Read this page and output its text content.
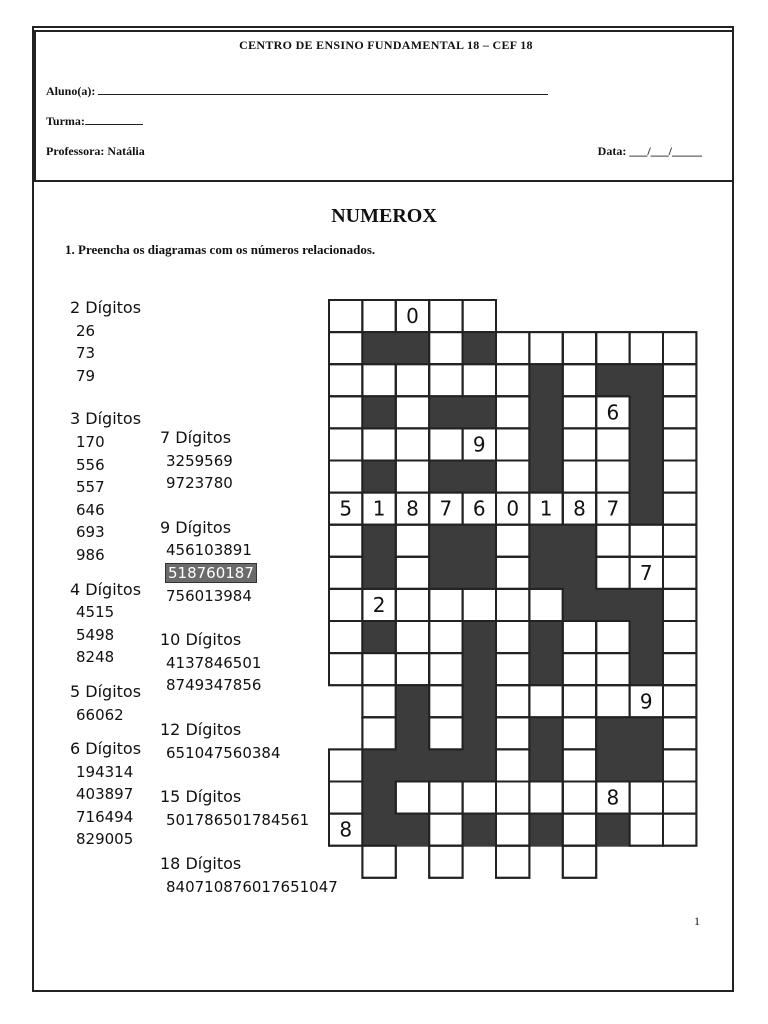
CENTRO DE ENSINO FUNDAMENTAL 18 – CEF 18
Aluno(a):
Turma:
Professora: Natália	Data: ___/___/_____
NUMEROX
1. Preencha os diagramas com os números relacionados.
2 Dígitos
26
73
79
3 Dígitos
170
556
557
646
693
986
4 Dígitos
4515
5498
8248
5 Dígitos
66062
6 Dígitos
194314
403897
716494
829005
7 Dígitos
3259569
9723780
9 Dígitos
456103891
518760187
756013984
10 Dígitos
4137846501
8749347856
12 Dígitos
651047560384
15 Dígitos
501786501784561
18 Dígitos
840710876017651047
0
6
9
5 1 8 7 6 0 1 8 7
7
2
9
8
8
1
